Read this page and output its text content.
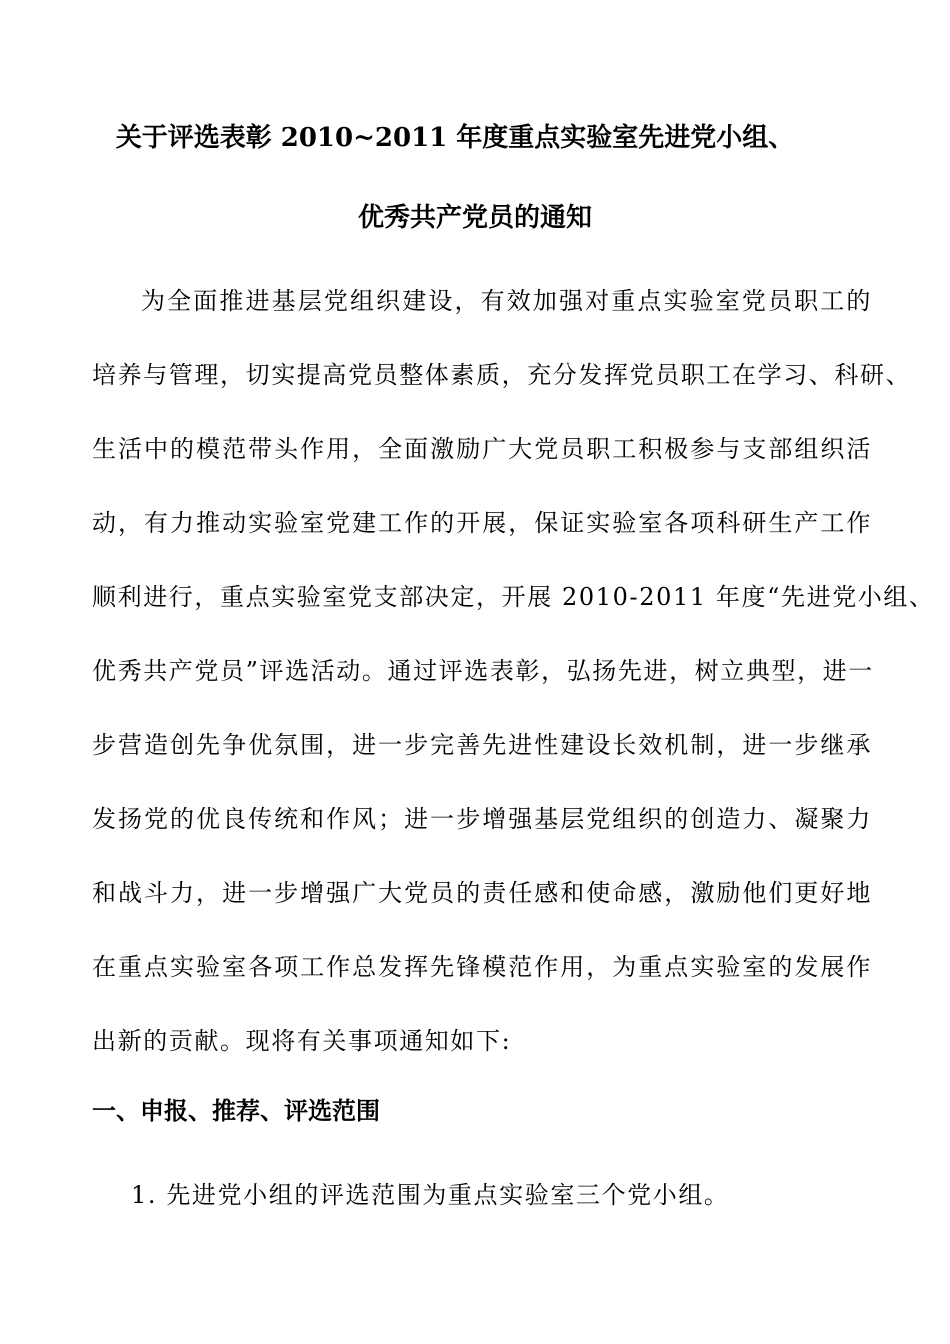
关于评选表彰 2010~2011 年度重点实验室先进党小组、
优秀共产党员的通知
为全面推进基层党组织建设，有效加强对重点实验室党员职工的
培养与管理，切实提高党员整体素质，充分发挥党员职工在学习、科研、
生活中的模范带头作用，全面激励广大党员职工积极参与支部组织活
动，有力推动实验室党建工作的开展，保证实验室各项科研生产工作
顺利进行，重点实验室党支部决定，开展 2010-2011 年度“先进党小组、
优秀共产党员”评选活动。通过评选表彰，弘扬先进，树立典型，进一
步营造创先争优氛围，进一步完善先进性建设长效机制，进一步继承
发扬党的优良传统和作风；进一步增强基层党组织的创造力、凝聚力
和战斗力，进一步增强广大党员的责任感和使命感，激励他们更好地
在重点实验室各项工作总发挥先锋模范作用，为重点实验室的发展作
出新的贡献。现将有关事项通知如下:
一、申报、推荐、评选范围
1. 先进党小组的评选范围为重点实验室三个党小组。
